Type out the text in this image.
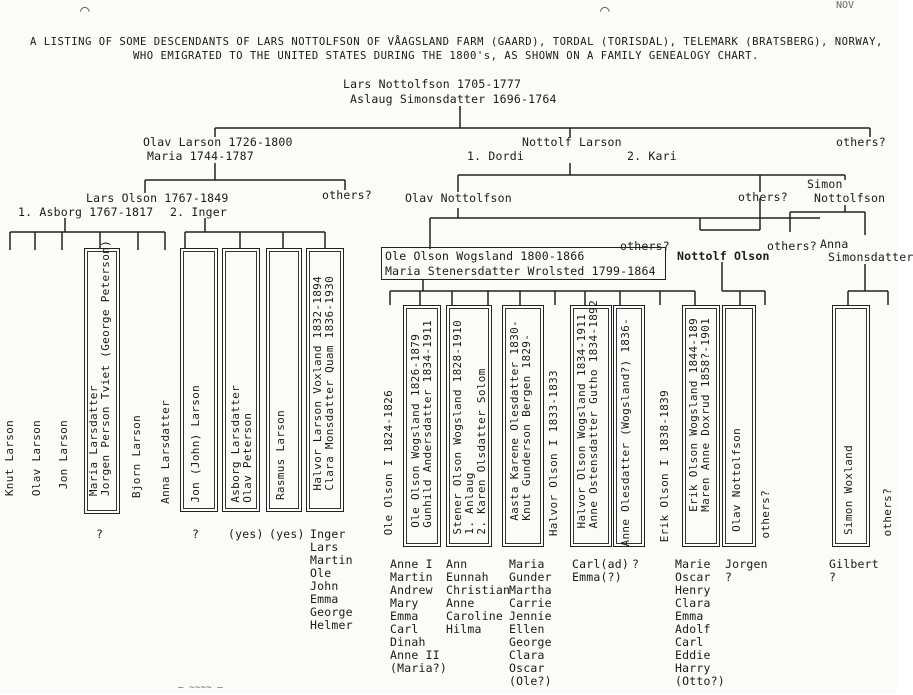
⌒	⌒	NOV
A LISTING OF SOME DESCENDANTS OF LARS NOTTOLFSON OF VÅAGSLAND FARM (GAARD), TORDAL (TORISDAL), TELEMARK (BRATSBERG), NORWAY,
WHO EMIGRATED TO THE UNITED STATES DURING THE 1800's, AS SHOWN ON A FAMILY GENEALOGY CHART.
Lars Nottolfson 1705-1777
Aslaug Simonsdatter 1696-1764
Olav Larson 1726-1800
Maria 1744-1787
Nottolf Larson
1. Dordi	2. Kari
others?
Lars Olson 1767-1849
1. Asborg 1767-1817 2. Inger
others?	Olav Nottolfson	others?
Simon
Nottolfson
Ole Olson Wogsland 1800-1866
Maria Stenersdatter Wrolsted 1799-1864
others?
Nottolf Olson
others? Anna
Simonsdatter
Knut Larson Olav Larson Jon Larson Maria Larsdatter
Jorgen Person Tviet (George Peterson)
?
Bjorn Larson Anna Larsdatter Jon (John) Larson
?
Asborg Larsdatter
Olav Peterson
(yes)
Rasmus Larson
(yes)
Halvor Larson Voxland 1832-1894
Clara Monsdatter Quam 1836-1930
Inger
Lars
Martin
Ole
John
Emma
George
Helmer
Ole Olson I 1824-1826 Ole Olson Wogsland 1826-1879
Gunhild Andersdatter 1834-1911
Anne I
Martin
Andrew
Mary
Emma
Carl
Dinah
Anne II
(Maria?)
Stener Olson Wogsland 1828-1910
1. Anlaug
2. Karen Olsdatter Solom
Ann
Eunnah
Christian
Anne
Caroline
Hilma
Aasta Karene Olesdatter 1830-
Knut Gunderson Bergen 1829-
Maria
Gunder
Martha
Carrie
Jennie
Ellen
George
Clara
Oscar
(Ole?)
Halvor Olson I 1833-1833 Halvor Olson Wogsland 1834-1911
Anne Ostensdatter Gutho 1834-1892
Carl(ad)
Emma(?)
Anne Olesdatter (Wogsland?) 1836-
?
Erik Olson I 1838-1839 Erik Olson Wogsland 1844-189
Maren Anne Doxrud 1858?-1901
Marie
Oscar
Henry
Clara
Emma
Adolf
Carl
Eddie
Harry
(Otto?)
Olav Nottolfson
Jorgen
?
others?	Simon Woxland
Gilbert
?
others?
— ~~~~ —
